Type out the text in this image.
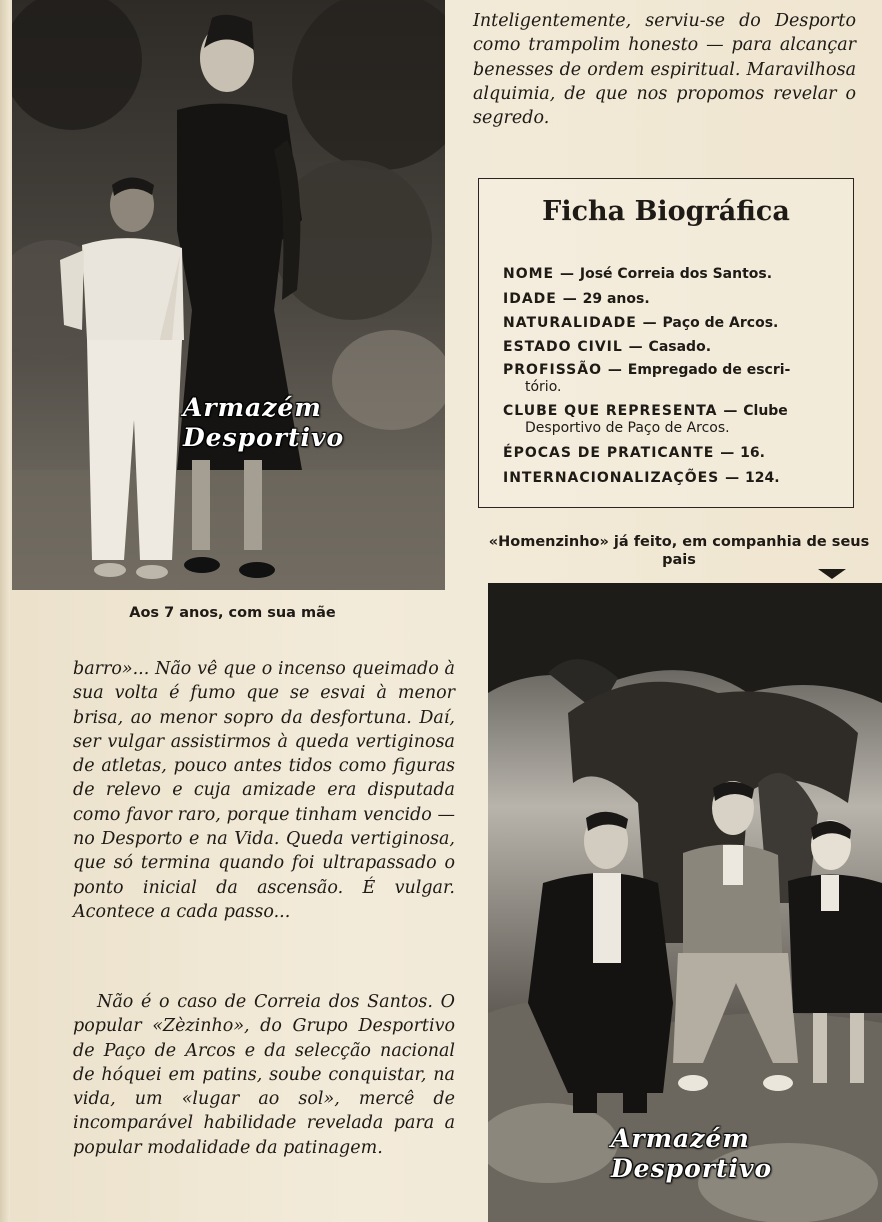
Armazém
Desportivo
Aos 7 anos, com sua mãe

Inteligentemente, serviu-se do Desporto como trampolim honesto — para alcançar benesses de ordem espiritual. Maravilhosa alquimia, de que nos propomos revelar o segredo.

Ficha Biográfica
NOME — José Correia dos Santos.
IDADE — 29 anos.
NATURALIDADE — Paço de Arcos.
ESTADO CIVIL — Casado.
PROFISSÃO — Empregado de escri-
tório.
CLUBE QUE REPRESENTA — Clube
Desportivo de Paço de Arcos.
ÉPOCAS DE PRATICANTE — 16.
INTERNACIONALIZAÇÕES — 124.
«Homenzinho» já feito, em companhia de seus pais
Armazém
Desportivo

barro»... Não vê que o incenso queimado à sua volta é fumo que se esvai à menor brisa, ao menor sopro da desfortuna. Daí, ser vulgar assistirmos à queda vertiginosa de atletas, pouco antes tidos como figuras de relevo e cuja amizade era disputada como favor raro, porque tinham vencido — no Desporto e na Vida. Queda vertiginosa, que só termina quando foi ultrapassado o ponto inicial da ascensão. É vulgar. Acontece a cada passo...

Não é o caso de Correia dos Santos. O popular «Zèzinho», do Grupo Desportivo de Paço de Arcos e da selecção nacional de hóquei em patins, soube conquistar, na vida, um «lugar ao sol», mercê de incomparável habilidade revelada para a popular modalidade da patinagem.
